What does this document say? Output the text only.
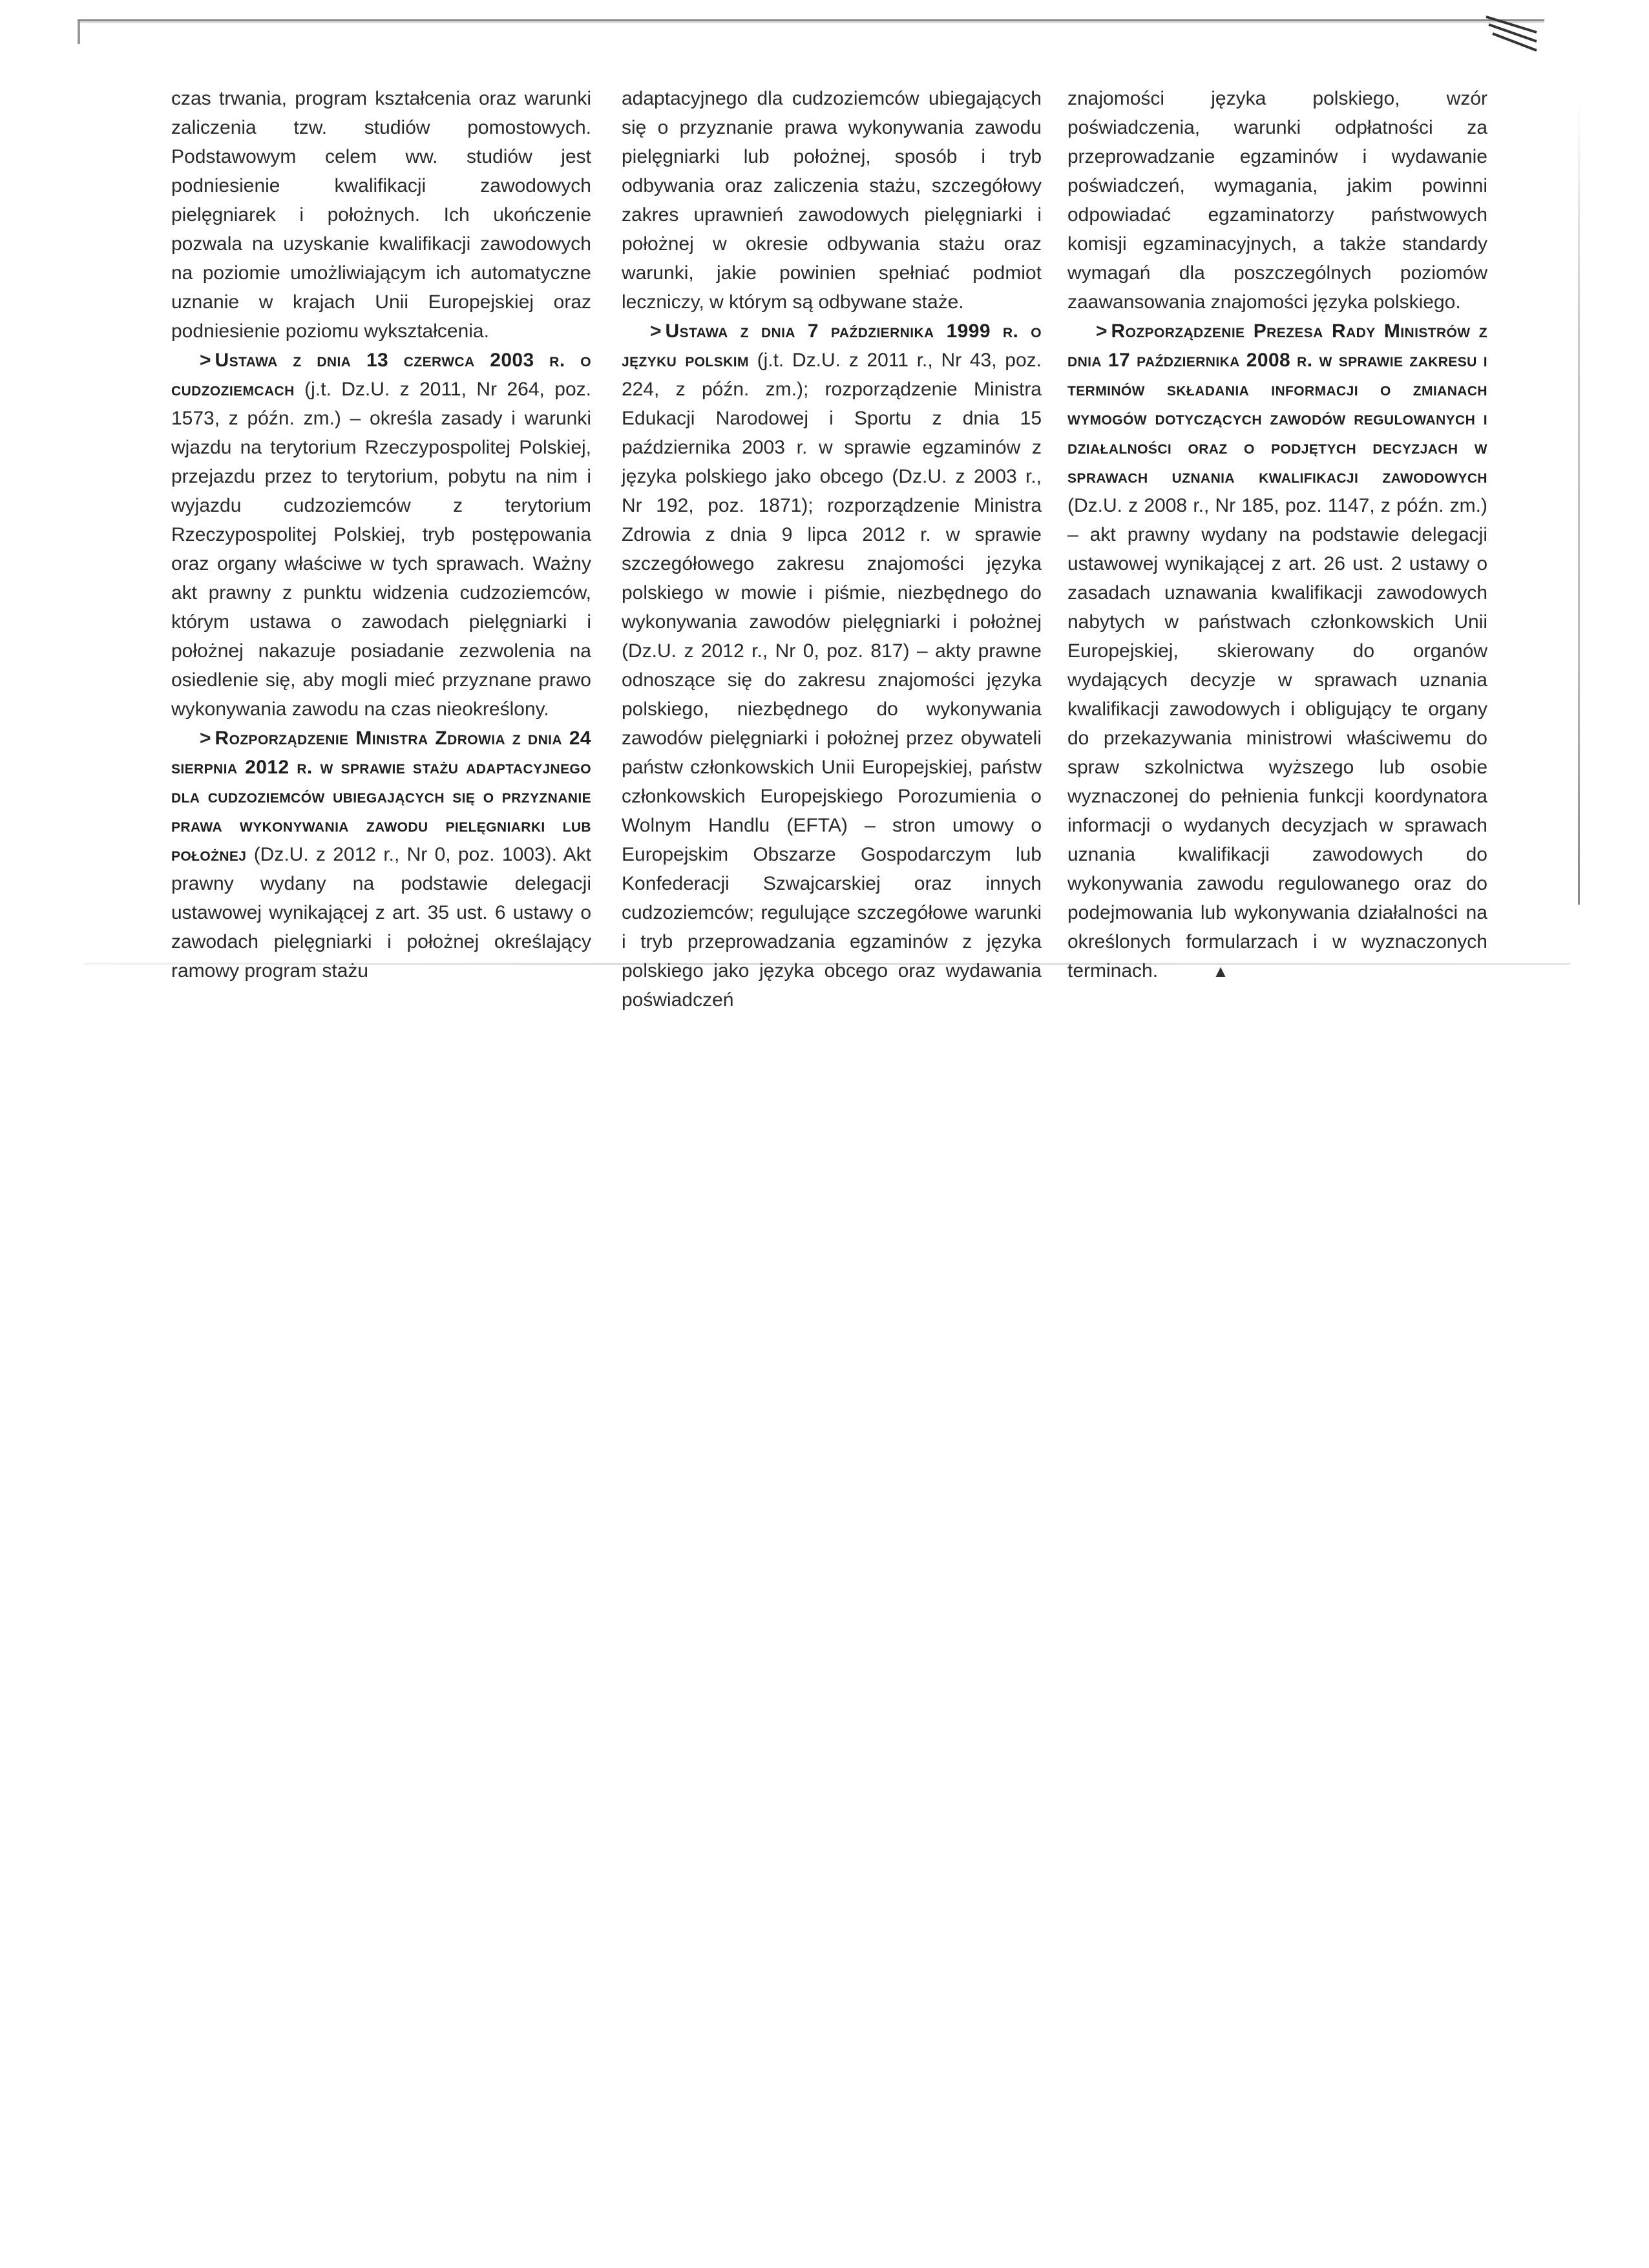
czas trwania, program kształcenia oraz warunki zaliczenia tzw. studiów pomostowych. Podstawowym celem ww. studiów jest podniesienie kwalifikacji zawodowych pielęgniarek i położnych. Ich ukończenie pozwala na uzyskanie kwalifikacji zawodowych na poziomie umożliwiającym ich automatyczne uznanie w krajach Unii Europejskiej oraz podniesienie poziomu wykształcenia.

> Ustawa z dnia 13 czerwca 2003 r. o cudzoziemcach (j.t. Dz.U. z 2011, Nr 264, poz. 1573, z późn. zm.) – określa zasady i warunki wjazdu na terytorium Rzeczypospolitej Polskiej, przejazdu przez to terytorium, pobytu na nim i wyjazdu cudzoziemców z terytorium Rzeczypospolitej Polskiej, tryb postępowania oraz organy właściwe w tych sprawach. Ważny akt prawny z punktu widzenia cudzoziemców, którym ustawa o zawodach pielęgniarki i położnej nakazuje posiadanie zezwolenia na osiedlenie się, aby mogli mieć przyznane prawo wykonywania zawodu na czas nieokreślony.

> Rozporządzenie Ministra Zdrowia z dnia 24 sierpnia 2012 r. w sprawie stażu adaptacyjnego dla cudzoziemców ubiegających się o przyznanie prawa wykonywania zawodu pielęgniarki lub położnej (Dz.U. z 2012 r., Nr 0, poz. 1003). Akt prawny wydany na podstawie delegacji ustawowej wynikającej z art. 35 ust. 6 ustawy o zawodach pielęgniarki i położnej określający ramowy program stażu

adaptacyjnego dla cudzoziemców ubiegających się o przyznanie prawa wykonywania zawodu pielęgniarki lub położnej, sposób i tryb odbywania oraz zaliczenia stażu, szczegółowy zakres uprawnień zawodowych pielęgniarki i położnej w okresie odbywania stażu oraz warunki, jakie powinien spełniać podmiot leczniczy, w którym są odbywane staże.

> Ustawa z dnia 7 października 1999 r. o języku polskim (j.t. Dz.U. z 2011 r., Nr 43, poz. 224, z późn. zm.); rozporządzenie Ministra Edukacji Narodowej i Sportu z dnia 15 października 2003 r. w sprawie egzaminów z języka polskiego jako obcego (Dz.U. z 2003 r., Nr 192, poz. 1871); rozporządzenie Ministra Zdrowia z dnia 9 lipca 2012 r. w sprawie szczegółowego zakresu znajomości języka polskiego w mowie i piśmie, niezbędnego do wykonywania zawodów pielęgniarki i położnej (Dz.U. z 2012 r., Nr 0, poz. 817) – akty prawne odnoszące się do zakresu znajomości języka polskiego, niezbędnego do wykonywania zawodów pielęgniarki i położnej przez obywateli państw członkowskich Unii Europejskiej, państw członkowskich Europejskiego Porozumienia o Wolnym Handlu (EFTA) – stron umowy o Europejskim Obszarze Gospodarczym lub Konfederacji Szwajcarskiej oraz innych cudzoziemców; regulujące szczegółowe warunki i tryb przeprowadzania egzaminów z języka polskiego jako języka obcego oraz wydawania poświadczeń

znajomości języka polskiego, wzór poświadczenia, warunki odpłatności za przeprowadzanie egzaminów i wydawanie poświadczeń, wymagania, jakim powinni odpowiadać egzaminatorzy państwowych komisji egzaminacyjnych, a także standardy wymagań dla poszczególnych poziomów zaawansowania znajomości języka polskiego.

> Rozporządzenie Prezesa Rady Ministrów z dnia 17 października 2008 r. w sprawie zakresu i terminów składania informacji o zmianach wymogów dotyczących zawodów regulowanych i działalności oraz o podjętych decyzjach w sprawach uznania kwalifikacji zawodowych (Dz.U. z 2008 r., Nr 185, poz. 1147, z późn. zm.) – akt prawny wydany na podstawie delegacji ustawowej wynikającej z art. 26 ust. 2 ustawy o zasadach uznawania kwalifikacji zawodowych nabytych w państwach członkowskich Unii Europejskiej, skierowany do organów wydających decyzje w sprawach uznania kwalifikacji zawodowych i obligujący te organy do przekazywania ministrowi właściwemu do spraw szkolnictwa wyższego lub osobie wyznaczonej do pełnienia funkcji koordynatora informacji o wydanych decyzjach w sprawach uznania kwalifikacji zawodowych do wykonywania zawodu regulowanego oraz do podejmowania lub wykonywania działalności na określonych formularzach i w wyznaczonych terminach.	▲
